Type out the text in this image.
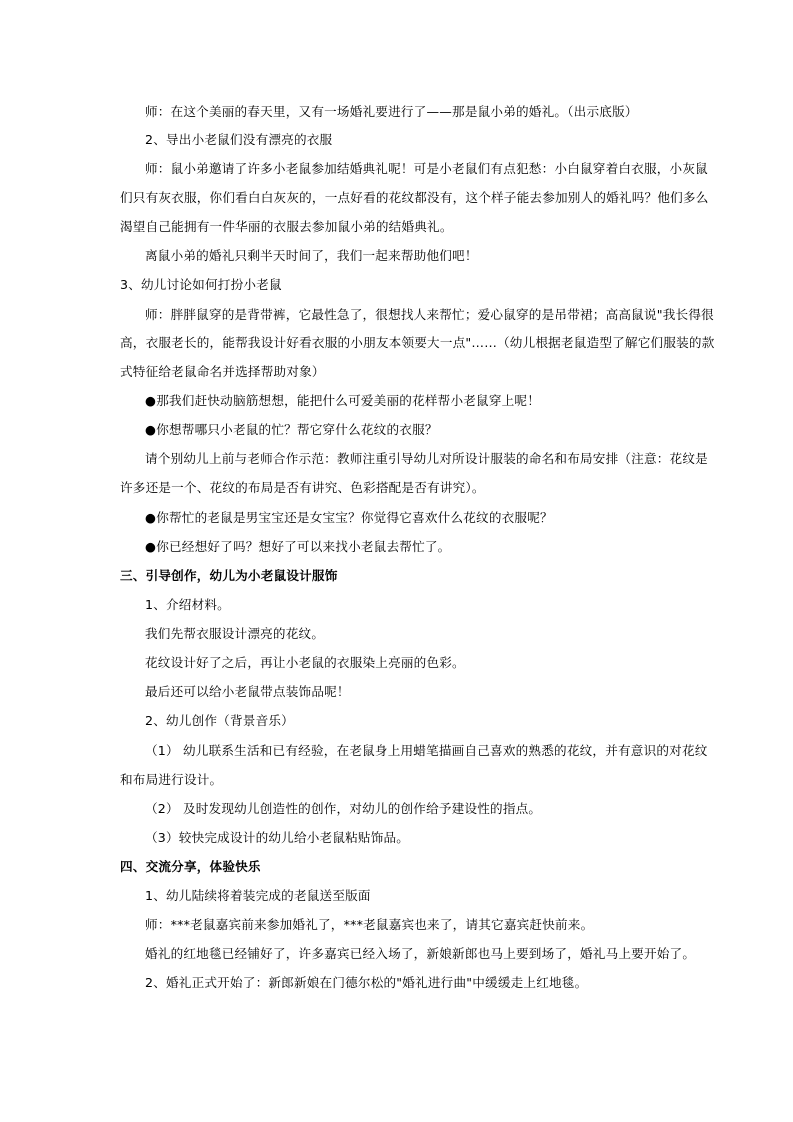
师：在这个美丽的春天里，又有一场婚礼要进行了——那是鼠小弟的婚礼。（出示底版）
2、导出小老鼠们没有漂亮的衣服
师：鼠小弟邀请了许多小老鼠参加结婚典礼呢！可是小老鼠们有点犯愁：小白鼠穿着白衣服，小灰鼠
们只有灰衣服，你们看白白灰灰的，一点好看的花纹都没有，这个样子能去参加别人的婚礼吗？他们多么
渴望自己能拥有一件华丽的衣服去参加鼠小弟的结婚典礼。
离鼠小弟的婚礼只剩半天时间了，我们一起来帮助他们吧！
3、幼儿讨论如何打扮小老鼠
师：胖胖鼠穿的是背带裤，它最性急了，很想找人来帮忙；爱心鼠穿的是吊带裙；高高鼠说"我长得很
高，衣服老长的，能帮我设计好看衣服的小朋友本领要大一点"……（幼儿根据老鼠造型了解它们服装的款
式特征给老鼠命名并选择帮助对象）
●那我们赶快动脑筋想想，能把什么可爱美丽的花样帮小老鼠穿上呢！
●你想帮哪只小老鼠的忙？帮它穿什么花纹的衣服？
请个别幼儿上前与老师合作示范：教师注重引导幼儿对所设计服装的命名和布局安排（注意：花纹是
许多还是一个、花纹的布局是否有讲究、色彩搭配是否有讲究）。
●你帮忙的老鼠是男宝宝还是女宝宝？你觉得它喜欢什么花纹的衣服呢？
●你已经想好了吗？想好了可以来找小老鼠去帮忙了。
三、引导创作，幼儿为小老鼠设计服饰
1、介绍材料。
我们先帮衣服设计漂亮的花纹。
花纹设计好了之后，再让小老鼠的衣服染上亮丽的色彩。
最后还可以给小老鼠带点装饰品呢！
2、幼儿创作（背景音乐）
（1） 幼儿联系生活和已有经验，在老鼠身上用蜡笔描画自己喜欢的熟悉的花纹，并有意识的对花纹
和布局进行设计。
（2） 及时发现幼儿创造性的创作，对幼儿的创作给予建设性的指点。
（3）较快完成设计的幼儿给小老鼠粘贴饰品。
四、交流分享，体验快乐
1、幼儿陆续将着装完成的老鼠送至版面
师：***老鼠嘉宾前来参加婚礼了，***老鼠嘉宾也来了，请其它嘉宾赶快前来。
婚礼的红地毯已经铺好了，许多嘉宾已经入场了，新娘新郎也马上要到场了，婚礼马上要开始了。
2、婚礼正式开始了：新郎新娘在门德尔松的"婚礼进行曲"中缓缓走上红地毯。
